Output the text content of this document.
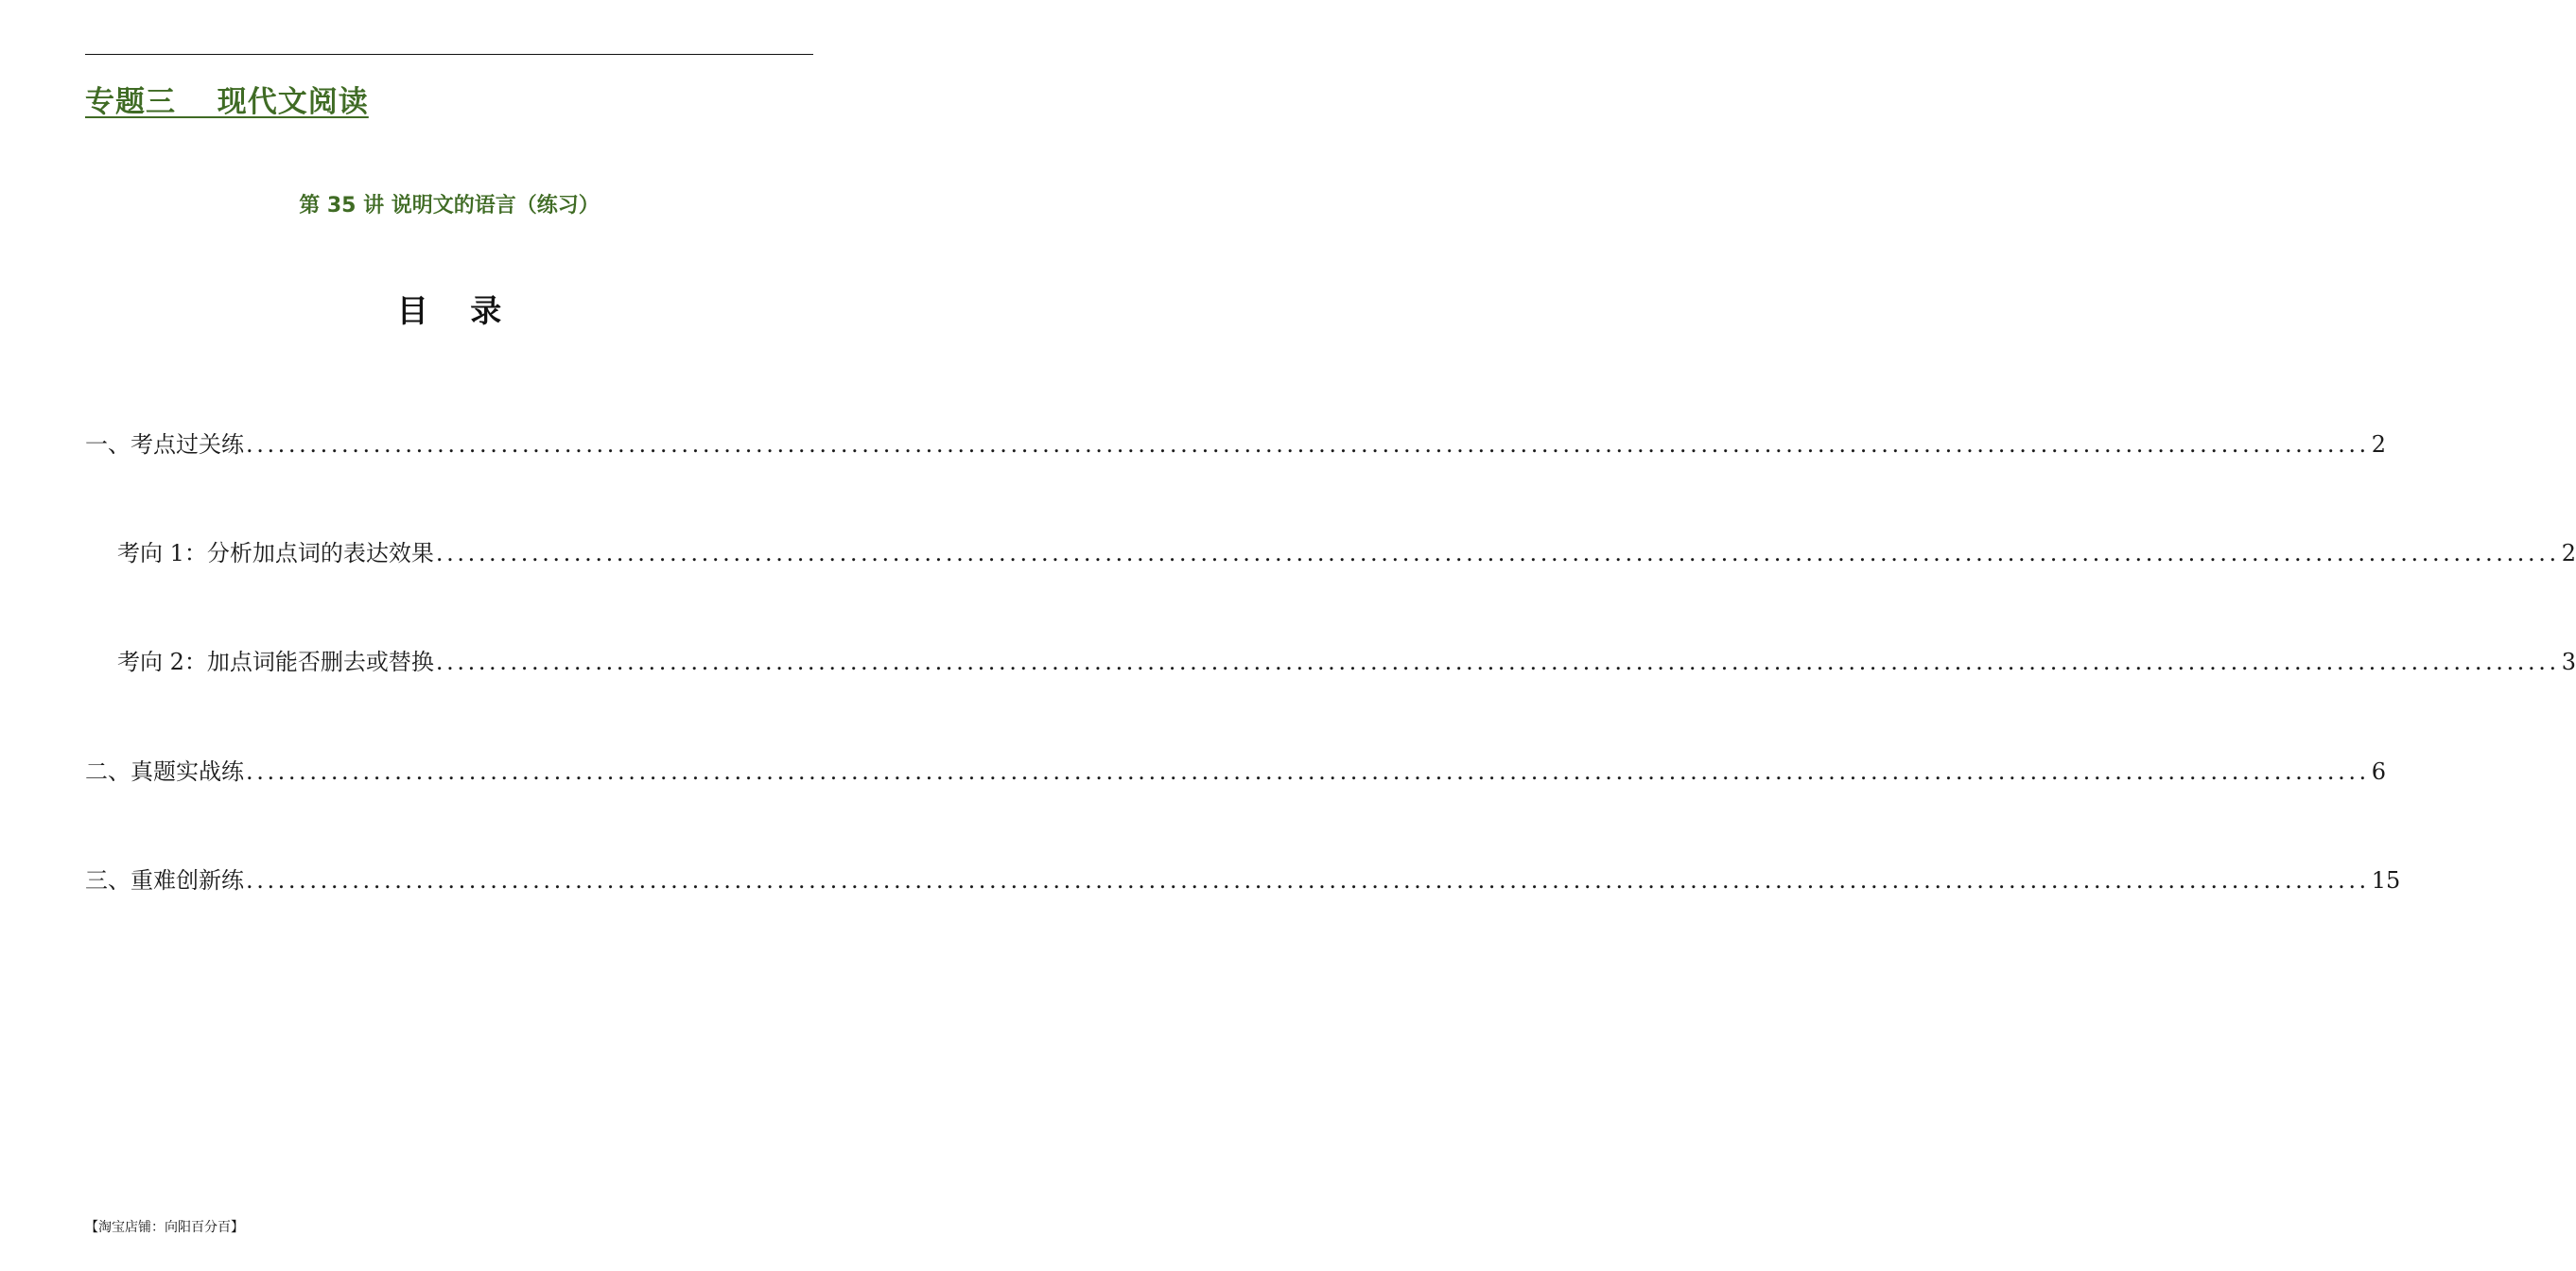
专题三　 现代文阅读
第 35 讲 说明文的语言（练习）
目　 录
一、考点过关练 ........................................................................................................................................................................................................ 2
考向 1：分析加点词的表达效果 ........................................................................................................................................................................................................ 2
考向 2：加点词能否删去或替换 ........................................................................................................................................................................................................ 3
二、真题实战练 ........................................................................................................................................................................................................ 6
三、重难创新练 ........................................................................................................................................................................................................ 15
【淘宝店铺：向阳百分百】
